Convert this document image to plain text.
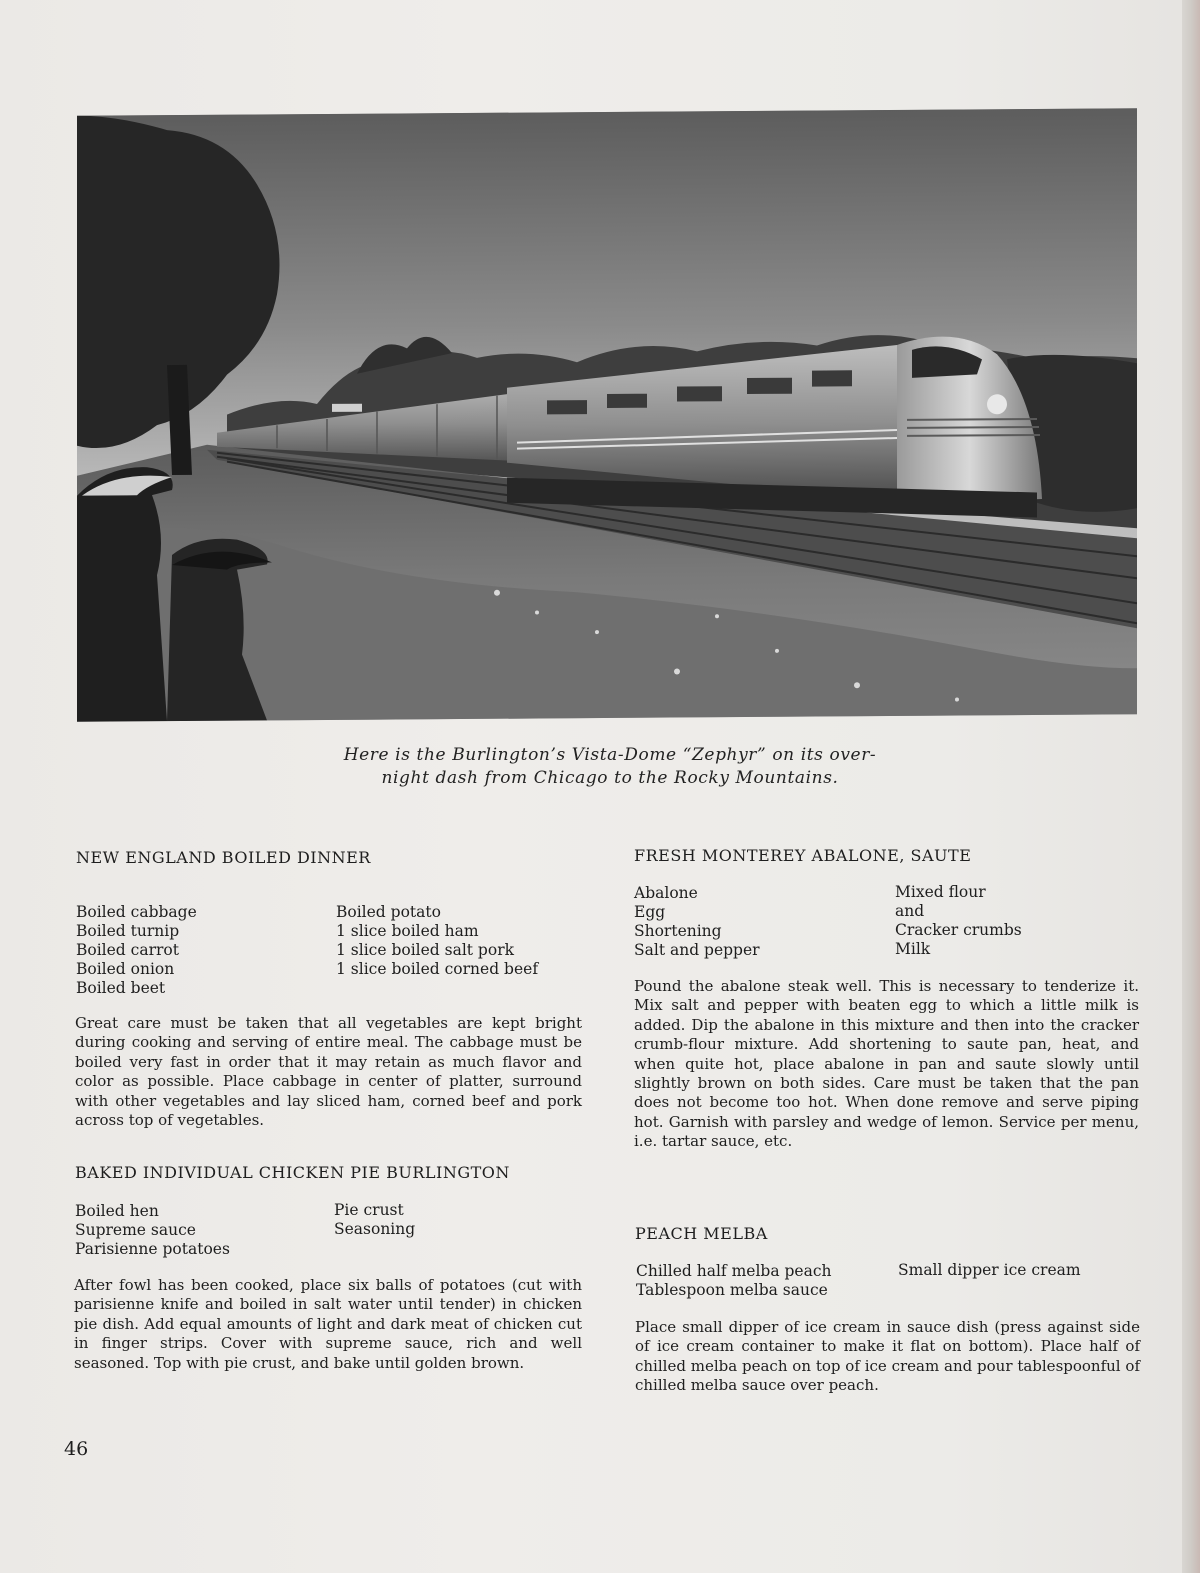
Here is the Burlington’s Vista-Dome “Zephyr” on its over-
night dash from Chicago to the Rocky Mountains.
NEW ENGLAND BOILED DINNER
Boiled cabbage
Boiled turnip
Boiled carrot
Boiled onion
Boiled beet
Boiled potato
1 slice boiled ham
1 slice boiled salt pork
1 slice boiled corned beef
Great care must be taken that all vegetables are kept bright during cooking and serving of entire meal. The cabbage must be boiled very fast in order that it may retain as much flavor and color as possible. Place cabbage in center of platter, surround with other vegetables and lay sliced ham, corned beef and pork across top of vegetables.
BAKED INDIVIDUAL CHICKEN PIE BURLINGTON
Boiled hen
Supreme sauce
Parisienne potatoes
Pie crust
Seasoning
After fowl has been cooked, place six balls of potatoes (cut with parisienne knife and boiled in salt water until tender) in chicken pie dish. Add equal amounts of light and dark meat of chicken cut in finger strips. Cover with supreme sauce, rich and well seasoned. Top with pie crust, and bake until golden brown.
FRESH MONTEREY ABALONE, SAUTE
Abalone
Egg
Shortening
Salt and pepper
Mixed flour
and
Cracker crumbs
Milk
Pound the abalone steak well. This is necessary to tenderize it. Mix salt and pepper with beaten egg to which a little milk is added. Dip the abalone in this mixture and then into the cracker crumb-flour mixture. Add shortening to saute pan, heat, and when quite hot, place abalone in pan and saute slowly until slightly brown on both sides. Care must be taken that the pan does not become too hot. When done remove and serve piping hot. Garnish with parsley and wedge of lemon. Service per menu, i.e. tartar sauce, etc.
PEACH MELBA
Chilled half melba peach
Tablespoon melba sauce
Small dipper ice cream
Place small dipper of ice cream in sauce dish (press against side of ice cream container to make it flat on bottom). Place half of chilled melba peach on top of ice cream and pour tablespoonful of chilled melba sauce over peach.
46
